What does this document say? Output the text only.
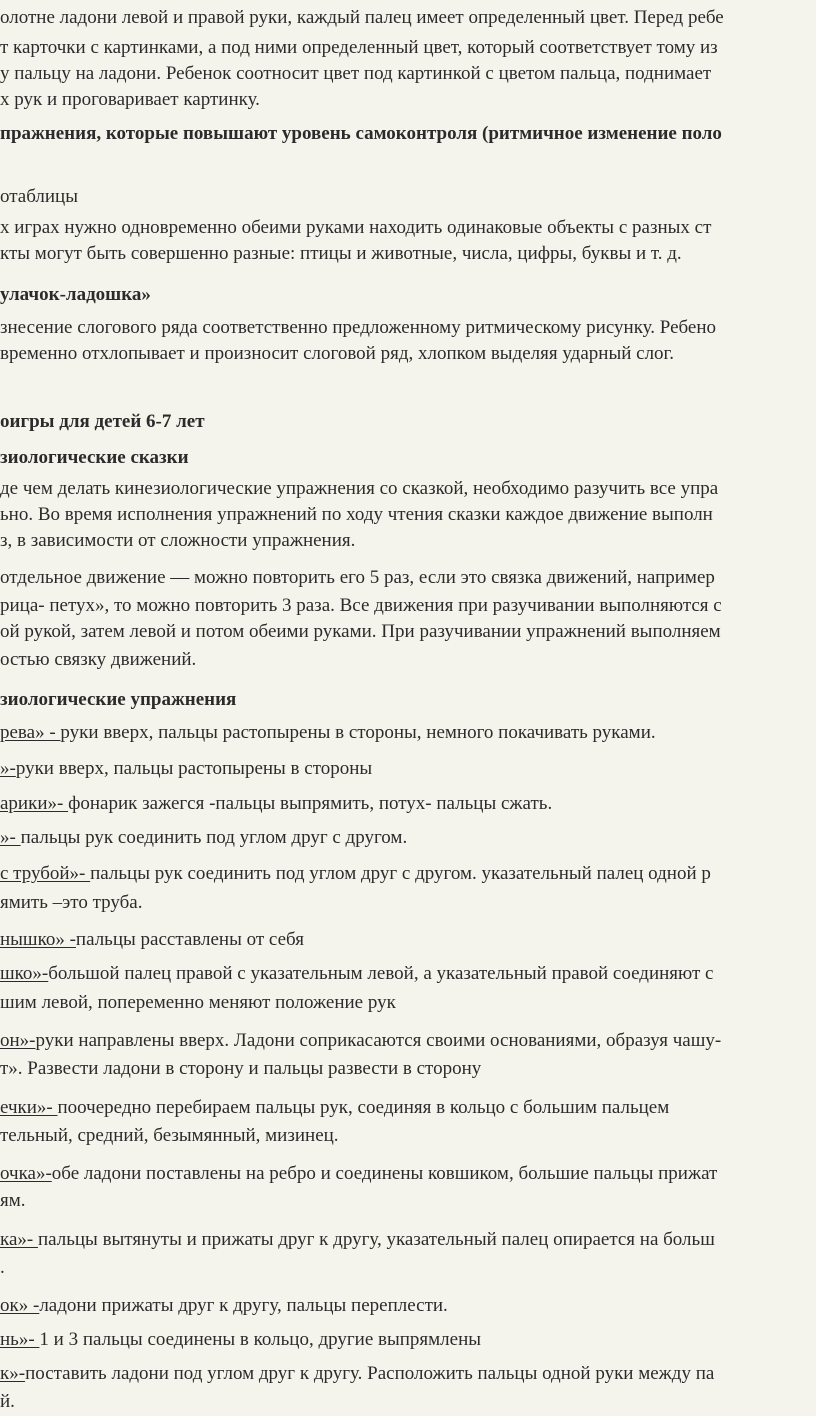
олотне ладони левой и правой руки, каждый палец имеет определенный цвет. Перед ребе
т карточки с картинками, а под ними определенный цвет, который соответствует тому из
у пальцу на ладони. Ребенок соотносит цвет под картинкой с цветом пальца, поднимает
х рук и проговаривает картинку.
пражнения, которые повышают уровень самоконтроля (ритмичное изменение поло
отаблицы
х играх нужно одновременно обеими руками находить одинаковые объекты с разных ст
кты могут быть совершенно разные: птицы и животные, числа, цифры, буквы и т. д.
улачок-ладошка»
знесение слогового ряда соответственно предложенному ритмическому рисунку. Ребено
временно отхлопывает и произносит слоговой ряд, хлопком выделяя ударный слог.
оигры для детей 6-7 лет
зиологические сказки
де чем делать кинезиологические упражнения со сказкой, необходимо разучить все упра
ьно. Во время исполнения упражнений по ходу чтения сказки каждое движение выполн
з, в зависимости от сложности упражнения.
отдельное движение — можно повторить его 5 раз, если это связка движений, например
рица- петух», то можно повторить 3 раза. Все движения при разучивании выполняются с
ой рукой, затем левой и потом обеими руками. При разучивании упражнений выполняем
остью связку движений.
зиологические упражнения
рева» - руки вверх, пальцы растопырены в стороны, немного покачивать руками.
»-руки вверх, пальцы растопырены в стороны
арики»- фонарик зажегся -пальцы выпрямить, потух- пальцы сжать.
»- пальцы рук соединить под углом друг с другом.
с трубой»- пальцы рук соединить под углом друг с другом. указательный палец одной р
ямить –это труба.
нышко» -пальцы расставлены от себя
шко»-большой палец правой с указательным левой, а указательный правой соединяют с
шим левой, попеременно меняют положение рук
он»-руки направлены вверх. Ладони соприкасаются своими основаниями, образуя чашу-
т». Развести ладони в сторону и пальцы развести в сторону
ечки»- поочередно перебираем пальцы рук, соединяя в кольцо с большим пальцем
тельный, средний, безымянный, мизинец.
очка»-обе ладони поставлены на ребро и соединены ковшиком, большие пальцы прижат
ям.
ка»- пальцы вытянуты и прижаты друг к другу, указательный палец опирается на больш
.
ок» -ладони прижаты друг к другу, пальцы переплести.
нь»- 1 и 3 пальцы соединены в кольцо, другие выпрямлены
к»-поставить ладони под углом друг к другу. Расположить пальцы одной руки между па
й.
